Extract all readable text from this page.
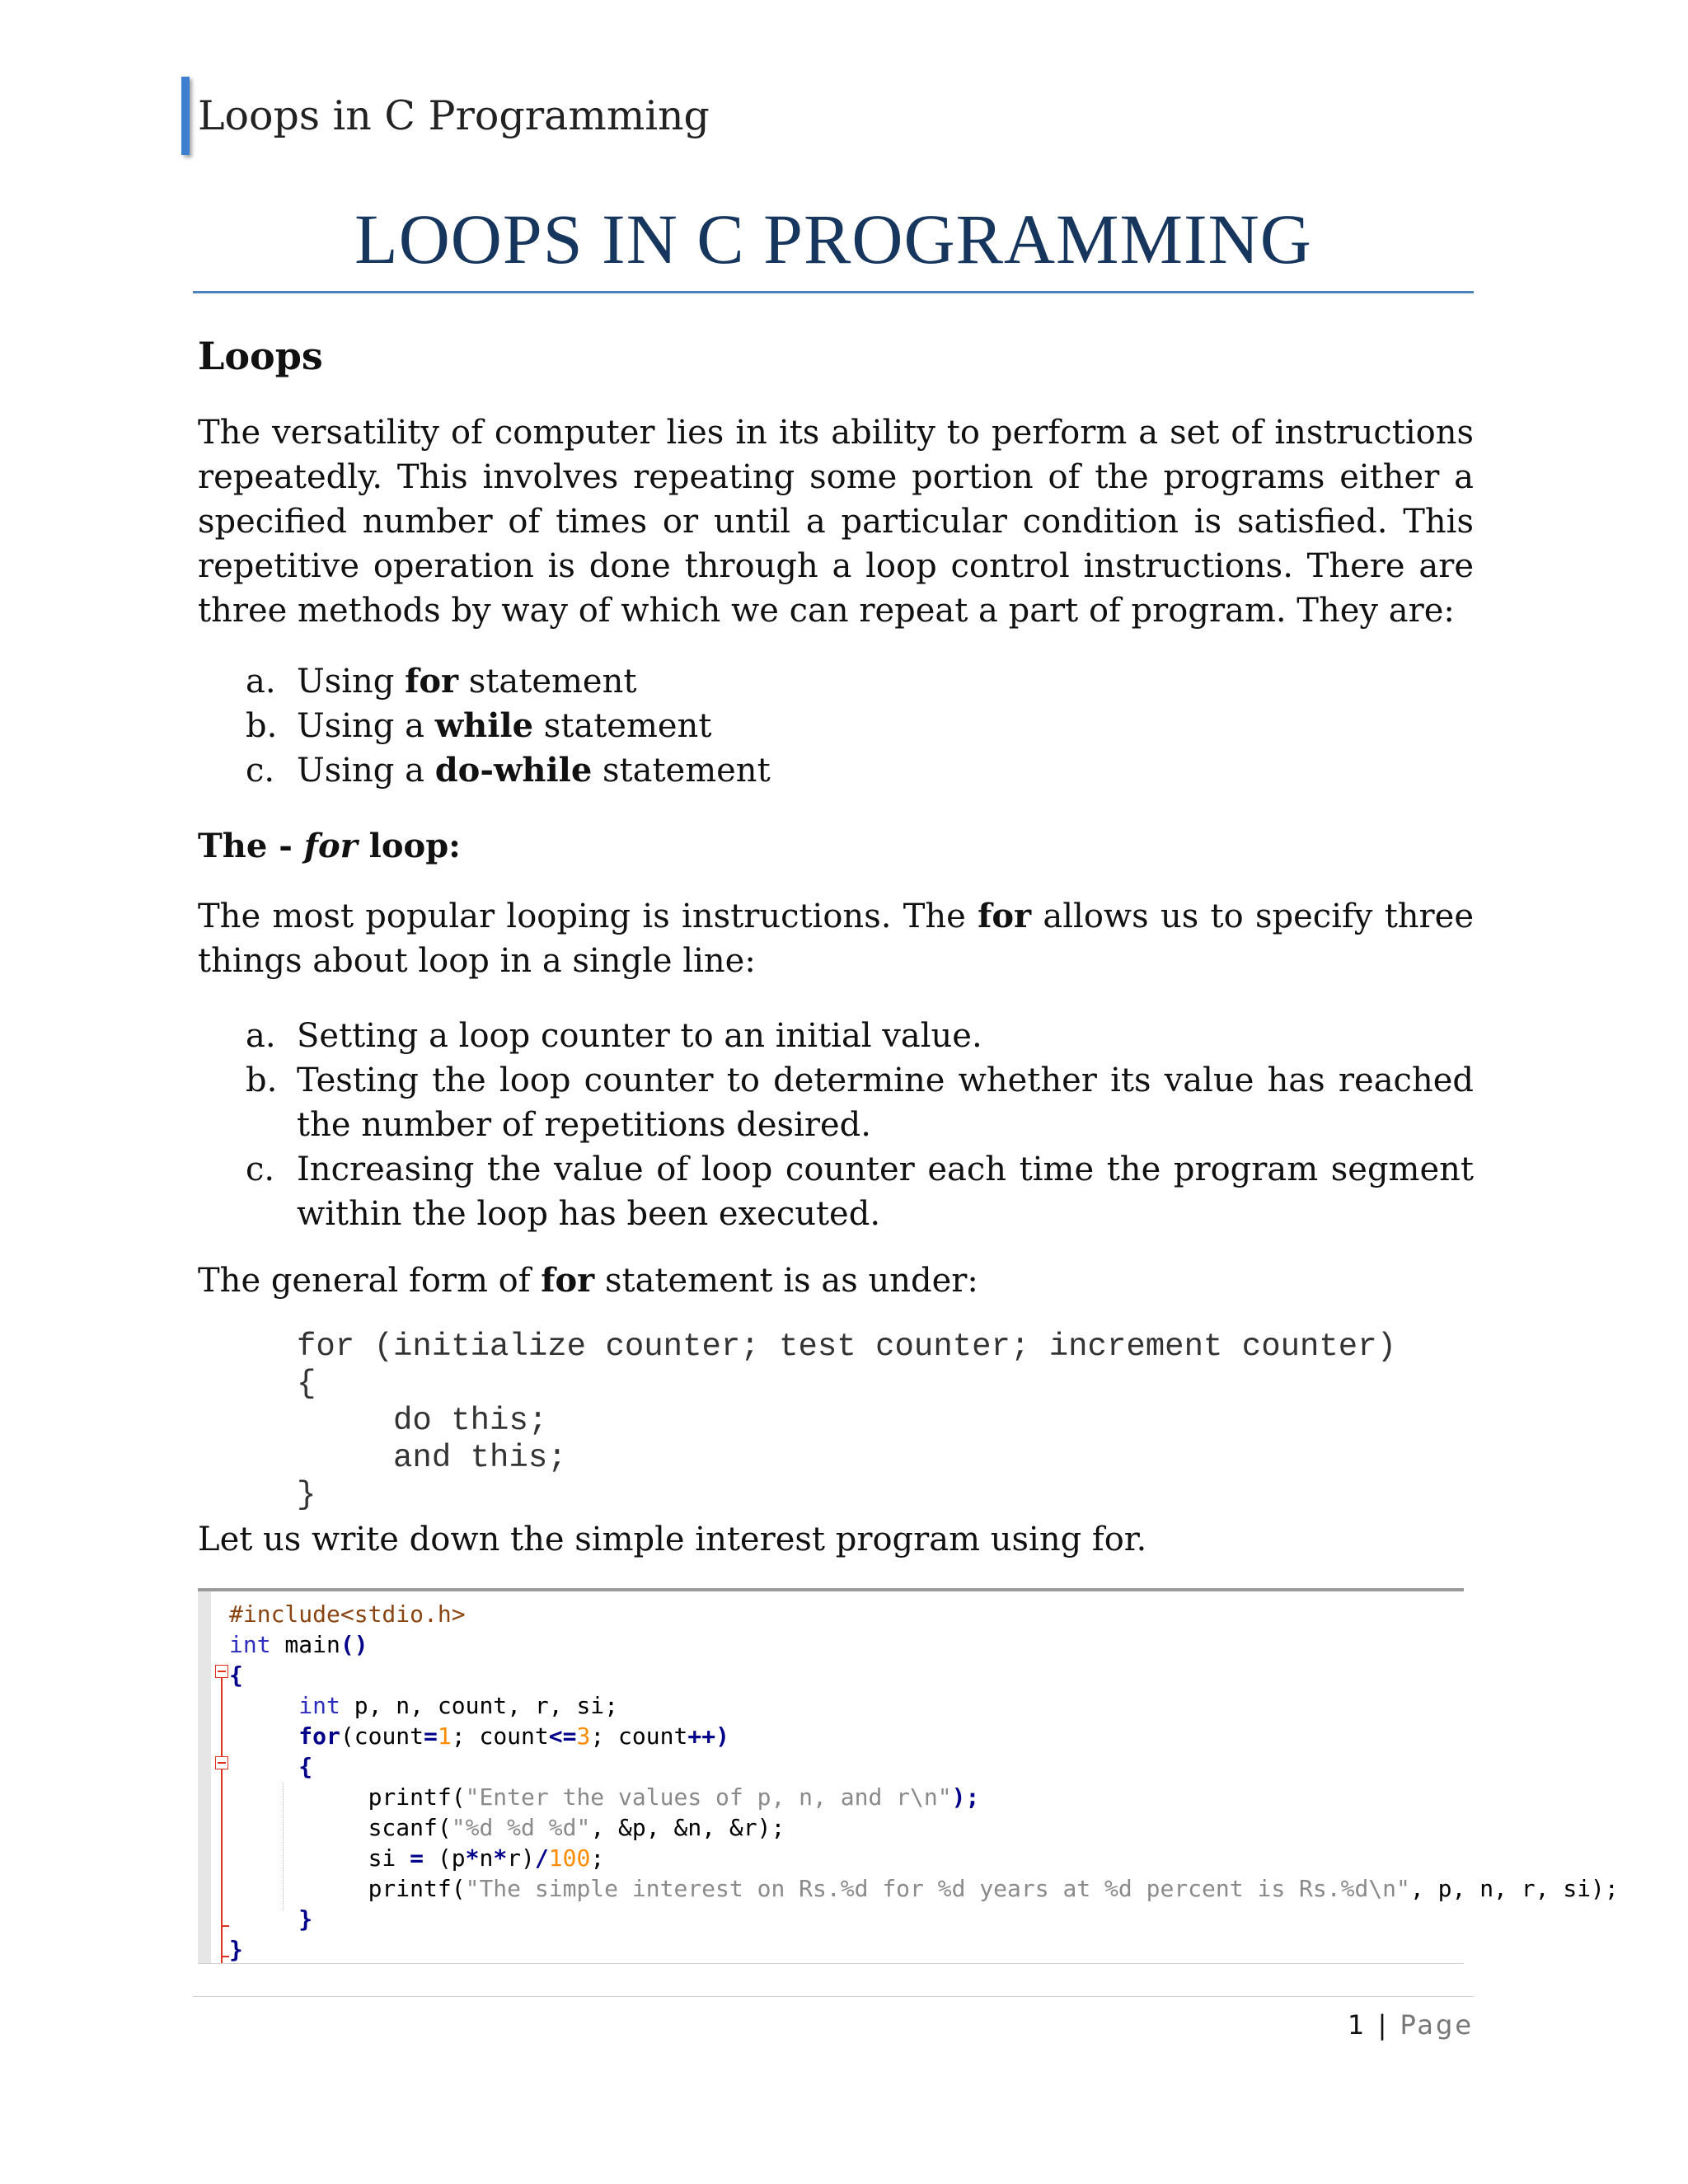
Loops in C Programming
LOOPS IN C PROGRAMMING
Loops
The versatility of computer lies in its ability to perform a set of instructions repeatedly. This involves repeating some portion of the programs either a specified number of times or until a particular condition is satisfied. This repetitive operation is done through a loop control instructions. There are three methods by way of which we can repeat a part of program. They are:
a. Using for statement
b. Using a while statement
c. Using a do-while statement
The - for loop:
The most popular looping is instructions. The for allows us to specify three things about loop in a single line:
a. Setting a loop counter to an initial value.
b. Testing the loop counter to determine whether its value has reached the number of repetitions desired.
c. Increasing the value of loop counter each time the program segment within the loop has been executed.
The general form of for statement is as under:
for (initialize counter; test counter; increment counter)
{
do this;
and this;
}
Let us write down the simple interest program using for.
#include<stdio.h>
int main()
{
int p, n, count, r, si;
for(count=1; count<=3; count++)
{
printf("Enter the values of p, n, and r\n");
scanf("%d %d %d", &p, &n, &r);
si = (p*n*r)/100;
printf("The simple interest on Rs.%d for %d years at %d percent is Rs.%d\n", p, n, r, si);
}
}
1 | Page
